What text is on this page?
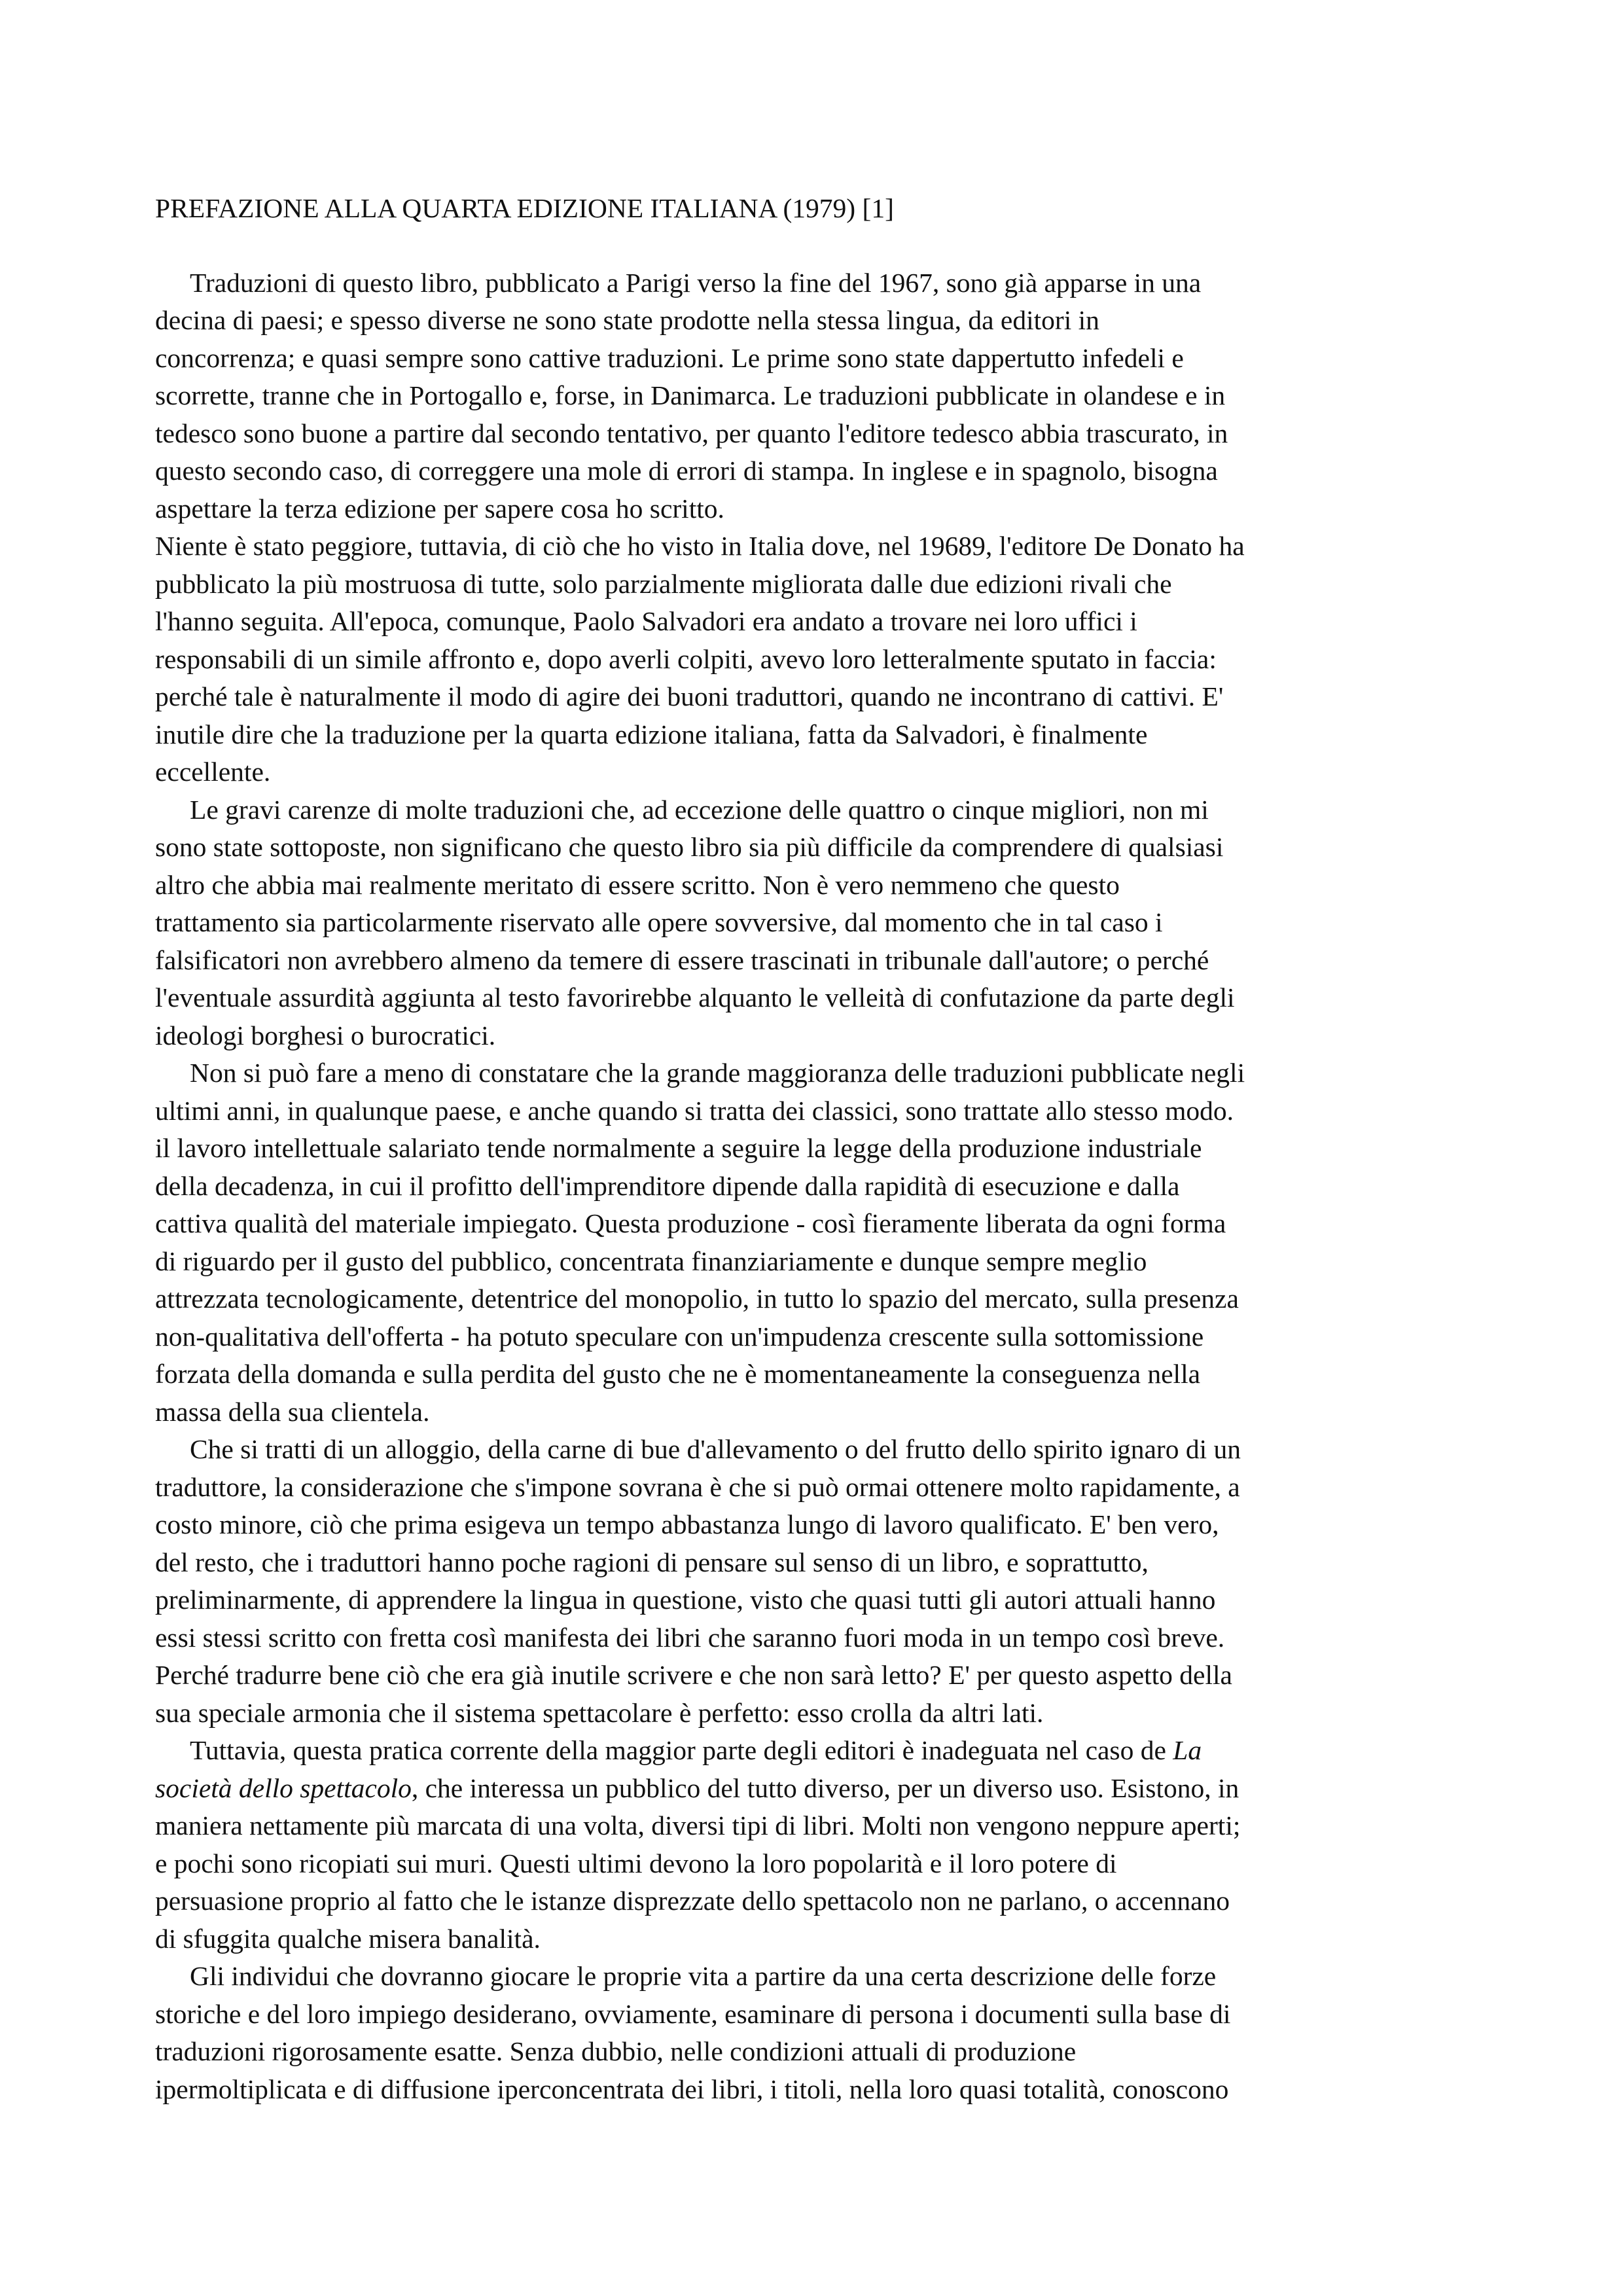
PREFAZIONE ALLA QUARTA EDIZIONE ITALIANA (1979) [1]
Traduzioni di questo libro, pubblicato a Parigi verso la fine del 1967, sono già apparse in una
decina di paesi; e spesso diverse ne sono state prodotte nella stessa lingua, da editori in
concorrenza; e quasi sempre sono cattive traduzioni. Le prime sono state dappertutto infedeli e
scorrette, tranne che in Portogallo e, forse, in Danimarca. Le traduzioni pubblicate in olandese e in
tedesco sono buone a partire dal secondo tentativo, per quanto l'editore tedesco abbia trascurato, in
questo secondo caso, di correggere una mole di errori di stampa. In inglese e in spagnolo, bisogna
aspettare la terza edizione per sapere cosa ho scritto.
Niente è stato peggiore, tuttavia, di ciò che ho visto in Italia dove, nel 19689, l'editore De Donato ha
pubblicato la più mostruosa di tutte, solo parzialmente migliorata dalle due edizioni rivali che
l'hanno seguita. All'epoca, comunque, Paolo Salvadori era andato a trovare nei loro uffici i
responsabili di un simile affronto e, dopo averli colpiti, avevo loro letteralmente sputato in faccia:
perché tale è naturalmente il modo di agire dei buoni traduttori, quando ne incontrano di cattivi. E'
inutile dire che la traduzione per la quarta edizione italiana, fatta da Salvadori, è finalmente
eccellente.
Le gravi carenze di molte traduzioni che, ad eccezione delle quattro o cinque migliori, non mi
sono state sottoposte, non significano che questo libro sia più difficile da comprendere di qualsiasi
altro che abbia mai realmente meritato di essere scritto. Non è vero nemmeno che questo
trattamento sia particolarmente riservato alle opere sovversive, dal momento che in tal caso i
falsificatori non avrebbero almeno da temere di essere trascinati in tribunale dall'autore; o perché
l'eventuale assurdità aggiunta al testo favorirebbe alquanto le velleità di confutazione da parte degli
ideologi borghesi o burocratici.
Non si può fare a meno di constatare che la grande maggioranza delle traduzioni pubblicate negli
ultimi anni, in qualunque paese, e anche quando si tratta dei classici, sono trattate allo stesso modo.
il lavoro intellettuale salariato tende normalmente a seguire la legge della produzione industriale
della decadenza, in cui il profitto dell'imprenditore dipende dalla rapidità di esecuzione e dalla
cattiva qualità del materiale impiegato. Questa produzione - così fieramente liberata da ogni forma
di riguardo per il gusto del pubblico, concentrata finanziariamente e dunque sempre meglio
attrezzata tecnologicamente, detentrice del monopolio, in tutto lo spazio del mercato, sulla presenza
non-qualitativa dell'offerta - ha potuto speculare con un'impudenza crescente sulla sottomissione
forzata della domanda e sulla perdita del gusto che ne è momentaneamente la conseguenza nella
massa della sua clientela.
Che si tratti di un alloggio, della carne di bue d'allevamento o del frutto dello spirito ignaro di un
traduttore, la considerazione che s'impone sovrana è che si può ormai ottenere molto rapidamente, a
costo minore, ciò che prima esigeva un tempo abbastanza lungo di lavoro qualificato. E' ben vero,
del resto, che i traduttori hanno poche ragioni di pensare sul senso di un libro, e soprattutto,
preliminarmente, di apprendere la lingua in questione, visto che quasi tutti gli autori attuali hanno
essi stessi scritto con fretta così manifesta dei libri che saranno fuori moda in un tempo così breve.
Perché tradurre bene ciò che era già inutile scrivere e che non sarà letto? E' per questo aspetto della
sua speciale armonia che il sistema spettacolare è perfetto: esso crolla da altri lati.
Tuttavia, questa pratica corrente della maggior parte degli editori è inadeguata nel caso de La
società dello spettacolo, che interessa un pubblico del tutto diverso, per un diverso uso. Esistono, in
maniera nettamente più marcata di una volta, diversi tipi di libri. Molti non vengono neppure aperti;
e pochi sono ricopiati sui muri. Questi ultimi devono la loro popolarità e il loro potere di
persuasione proprio al fatto che le istanze disprezzate dello spettacolo non ne parlano, o accennano
di sfuggita qualche misera banalità.
Gli individui che dovranno giocare le proprie vita a partire da una certa descrizione delle forze
storiche e del loro impiego desiderano, ovviamente, esaminare di persona i documenti sulla base di
traduzioni rigorosamente esatte. Senza dubbio, nelle condizioni attuali di produzione
ipermoltiplicata e di diffusione iperconcentrata dei libri, i titoli, nella loro quasi totalità, conoscono
